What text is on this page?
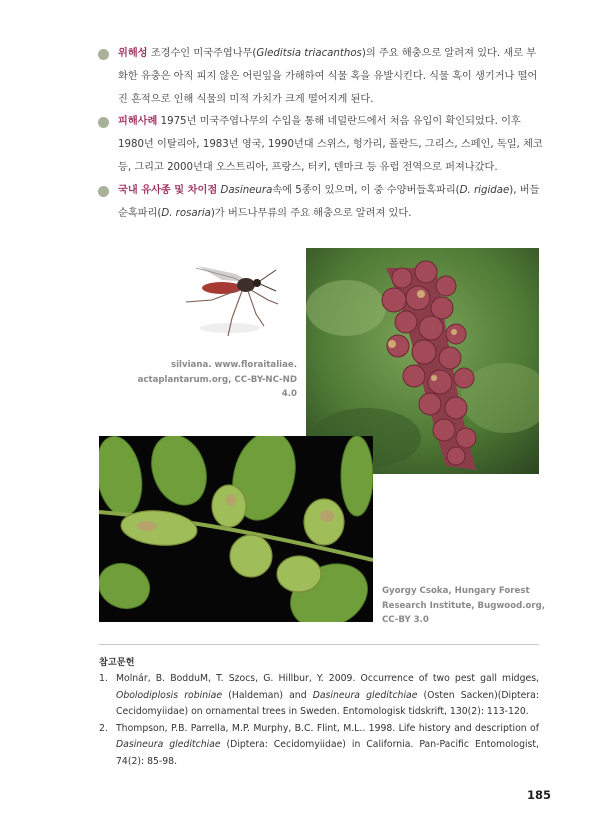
위해성 조경수인 미국주엽나무(Gleditsia triacanthos)의 주요 해충으로 알려져 있다. 새로 부화한 유충은 아직 피지 않은 어린잎을 가해하여 식물 혹을 유발시킨다. 식물 혹이 생기거나 떨어진 흔적으로 인해 식물의 미적 가치가 크게 떨어지게 된다.
피해사례 1975년 미국주엽나무의 수입을 통해 네덜란드에서 처음 유입이 확인되었다. 이후 1980년 이탈리아, 1983년 영국, 1990년대 스위스, 헝가리, 폴란드, 그리스, 스페인, 독일, 체코 등, 그리고 2000년대 오스트리아, 프랑스, 터키, 덴마크 등 유럽 전역으로 퍼져나갔다.
국내 유사종 및 차이점 Dasineura속에 5종이 있으며, 이 중 수양버들혹파리(D. rigidae), 버들순혹파리(D. rosaria)가 버드나무류의 주요 해충으로 알려져 있다.
silviana. www.floraitaliae.
actaplantarum.org, CC-BY-NC-ND 4.0
Gyorgy Csoka, Hungary Forest
Research Institute, Bugwood.org,
CC-BY 3.0
참고문헌
1. Molnár, B. BodduM, T. Szocs, G. Hillbur, Y. 2009. Occurrence of two pest gall midges, Obolodiplosis robiniae (Haldeman) and Dasineura gleditchiae (Osten Sacken)(Diptera: Cecidomyiidae) on ornamental trees in Sweden. Entomologisk tidskrift, 130(2): 113-120.
2. Thompson, P.B. Parrella, M.P. Murphy, B.C. Flint, M.L.. 1998. Life history and description of Dasineura gleditchiae (Diptera: Cecidomyiidae) in California. Pan-Pacific Entomologist, 74(2): 85-98.
185
